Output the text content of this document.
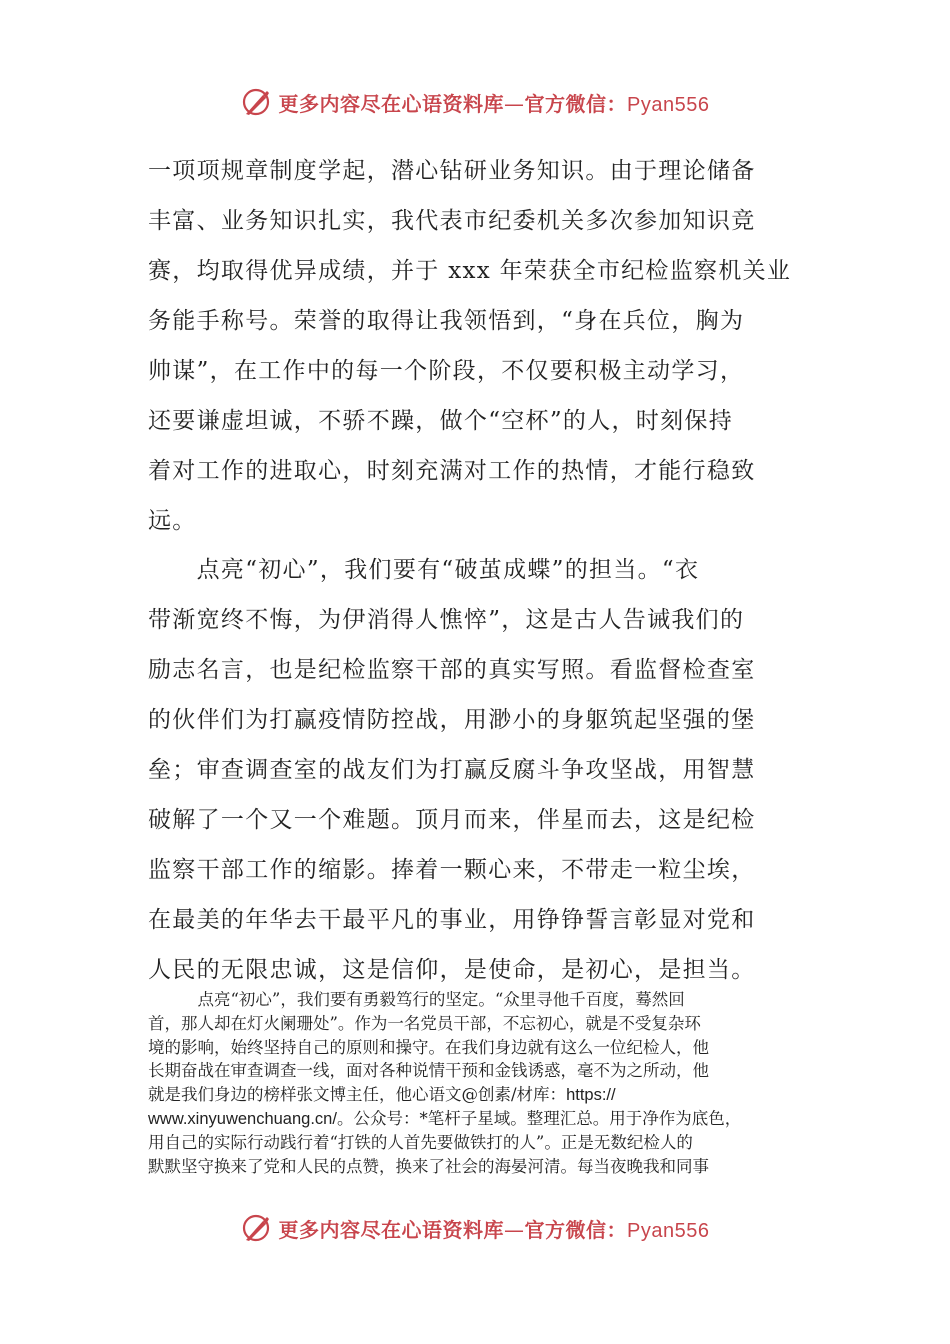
更多内容尽在心语资料库—官方微信：Pyan556
一项项规章制度学起，潜心钻研业务知识。由于理论储备
丰富、业务知识扎实，我代表市纪委机关多次参加知识竞
赛，均取得优异成绩，并于 xxx 年荣获全市纪检监察机关业
务能手称号。荣誉的取得让我领悟到，“身在兵位，胸为
帅谋”，在工作中的每一个阶段，不仅要积极主动学习，
还要谦虚坦诚，不骄不躁，做个“空杯”的人，时刻保持
着对工作的进取心，时刻充满对工作的热情，才能行稳致
远。
　　点亮“初心”，我们要有“破茧成蝶”的担当。“衣
带渐宽终不悔，为伊消得人憔悴”，这是古人告诫我们的
励志名言，也是纪检监察干部的真实写照。看监督检查室
的伙伴们为打赢疫情防控战，用渺小的身躯筑起坚强的堡
垒；审查调查室的战友们为打赢反腐斗争攻坚战，用智慧
破解了一个又一个难题。顶月而来，伴星而去，这是纪检
监察干部工作的缩影。捧着一颗心来，不带走一粒尘埃，
在最美的年华去干最平凡的事业，用铮铮誓言彰显对党和
人民的无限忠诚，这是信仰，是使命，是初心，是担当。
　　　点亮“初心”，我们要有勇毅笃行的坚定。“众里寻他千百度，蓦然回
首，那人却在灯火阑珊处”。作为一名党员干部，不忘初心，就是不受复杂环
境的影响，始终坚持自己的原则和操守。在我们身边就有这么一位纪检人，他
长期奋战在审查调查一线，面对各种说情干预和金钱诱惑，毫不为之所动，他
就是我们身边的榜样张文博主任，他心语文@创素/材库：https://
www.xinyuwenchuang.cn/。公众号：*笔杆子星域。整理汇总。用于净作为底色，
用自己的实际行动践行着“打铁的人首先要做铁打的人”。正是无数纪检人的
默默坚守换来了党和人民的点赞，换来了社会的海晏河清。每当夜晚我和同事
更多内容尽在心语资料库—官方微信：Pyan556
